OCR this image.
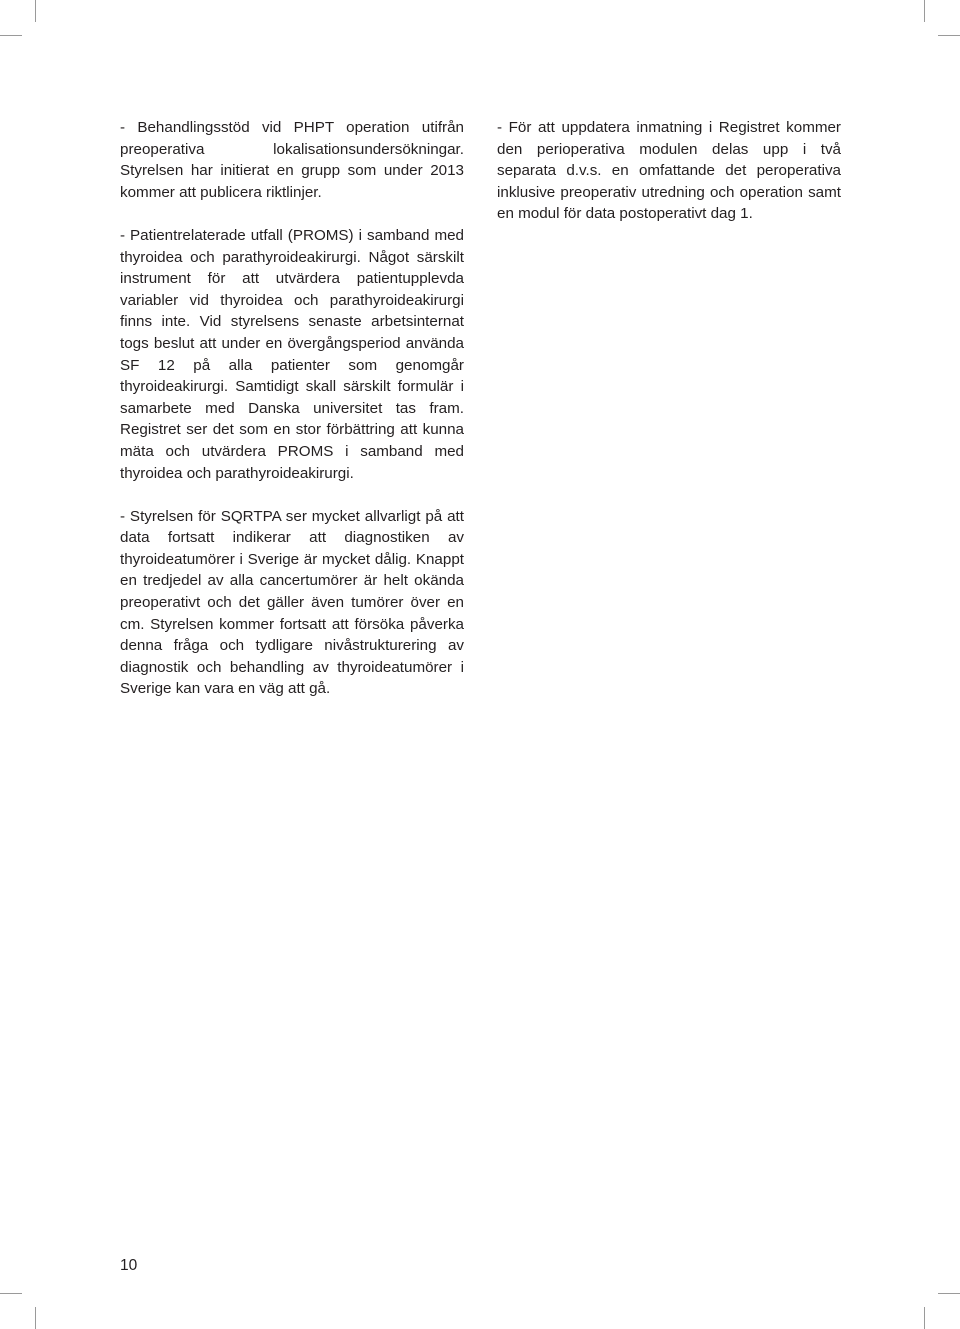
- Behandlingsstöd vid PHPT operation utifrån preoperativa lokalisationsundersökningar. Styrelsen har initierat en grupp som under 2013 kommer att publicera riktlinjer.

- Patientrelaterade utfall (PROMS) i samband med thyroidea och parathyroideakirurgi. Något särskilt instrument för att utvärdera patientupplevda variabler vid thyroidea och parathyroideakirurgi finns inte. Vid styrelsens senaste arbetsinternat togs beslut att under en övergångsperiod använda SF 12 på alla patienter som genomgår thyroideakirurgi. Samtidigt skall särskilt formulär i samarbete med Danska universitet tas fram. Registret ser det som en stor förbättring att kunna mäta och utvärdera PROMS i samband med thyroidea och parathyroideakirurgi.

- Styrelsen för SQRTPA ser mycket allvarligt på att data fortsatt indikerar att diagnostiken av thyroideatumörer i Sverige är mycket dålig. Knappt en tredjedel av alla cancertumörer är helt okända preoperativt och det gäller även tumörer över en cm. Styrelsen kommer fortsatt att försöka påverka denna fråga och tydligare nivåstrukturering av diagnostik och behandling av thyroideatumörer i Sverige kan vara en väg att gå.

- För att uppdatera inmatning i Registret kommer den perioperativa modulen delas upp i två separata d.v.s. en omfattande det peroperativa inklusive preoperativ utredning och operation samt en modul för data postoperativt dag 1.

10
